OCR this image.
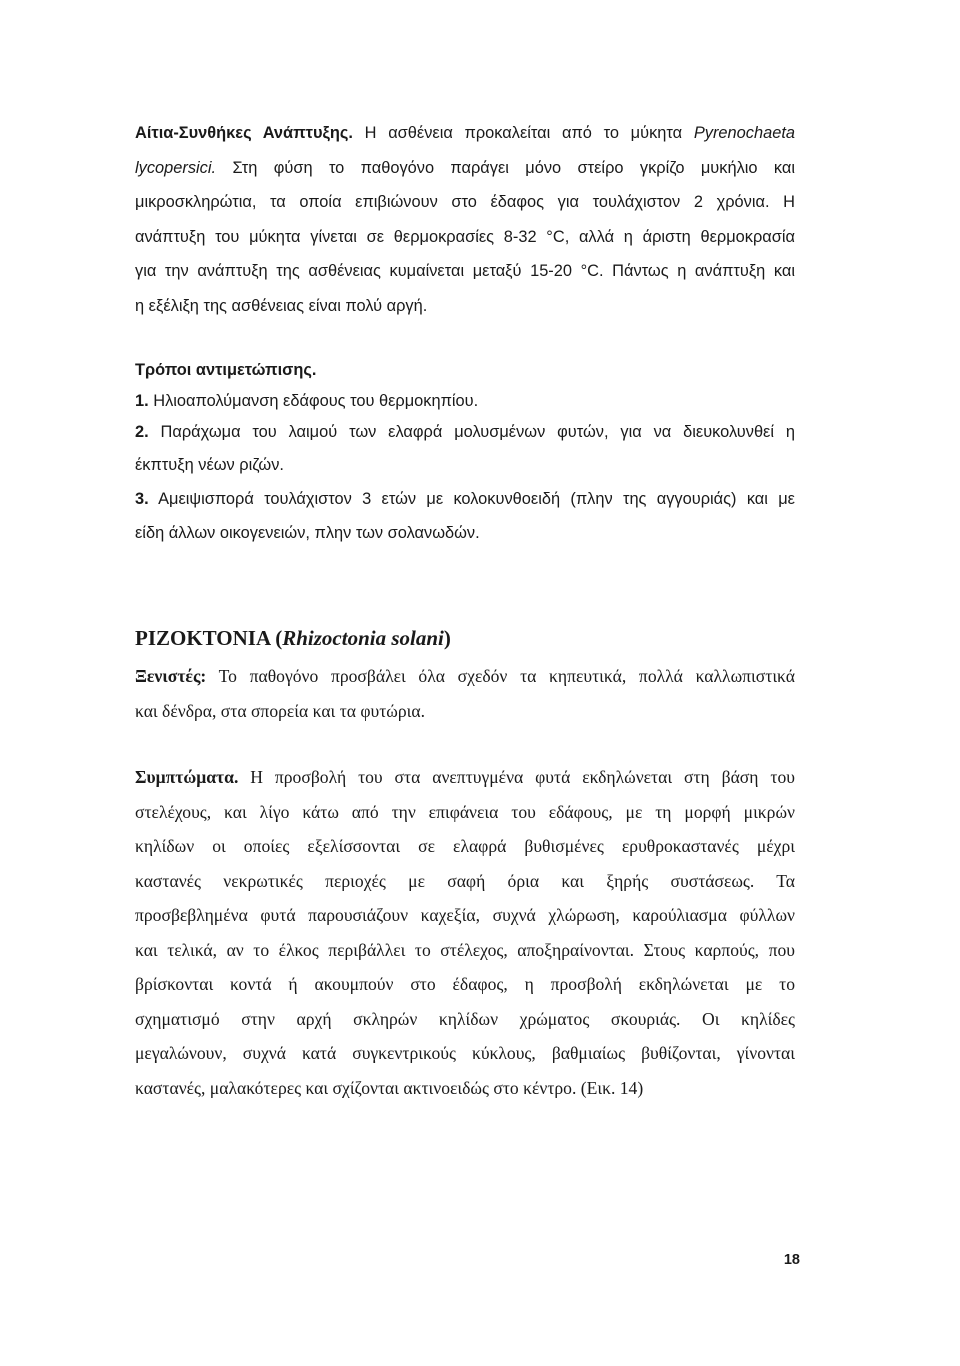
Αίτια-Συνθήκες Ανάπτυξης. Η ασθένεια προκαλείται από το μύκητα Pyrenochaeta
lycopersici. Στη φύση το παθογόνο παράγει μόνο στείρο γκρίζο μυκήλιο και
μικροσκληρώτια, τα οποία επιβιώνουν στο έδαφος για τουλάχιστον 2 χρόνια. Η
ανάπτυξη του μύκητα γίνεται σε θερμοκρασίες 8-32 °C, αλλά η άριστη θερμοκρασία
για την ανάπτυξη της ασθένειας κυμαίνεται μεταξύ 15-20 °C. Πάντως η ανάπτυξη και
η εξέλιξη της ασθένειας είναι πολύ αργή.
Τρόποι αντιμετώπισης.
1. Ηλιοαπολύμανση εδάφους του θερμοκηπίου.
2. Παράχωμα του λαιμού των ελαφρά μολυσμένων φυτών, για να διευκολυνθεί η
έκπτυξη νέων ριζών.
3. Αμειψισπορά τουλάχιστον 3 ετών με κολοκυνθοειδή (πλην της αγγουριάς) και με
είδη άλλων οικογενειών, πλην των σολανωδών.
ΡΙΖΟΚΤΟΝΙΑ (Rhizoctonia solani)
Ξενιστές: Το παθογόνο προσβάλει όλα σχεδόν τα κηπευτικά, πολλά καλλωπιστικά
και δένδρα, στα σπορεία και τα φυτώρια.
Συμπτώματα. Η προσβολή του στα ανεπτυγμένα φυτά εκδηλώνεται στη βάση του
στελέχους, και λίγο κάτω από την επιφάνεια του εδάφους, με τη μορφή μικρών
κηλίδων οι οποίες εξελίσσονται σε ελαφρά βυθισμένες ερυθροκαστανές μέχρι
καστανές νεκρωτικές περιοχές με σαφή όρια και ξηρής συστάσεως. Τα
προσβεβλημένα φυτά παρουσιάζουν καχεξία, συχνά χλώρωση, καρούλιασμα φύλλων
και τελικά, αν το έλκος περιβάλλει το στέλεχος, αποξηραίνονται. Στους καρπούς, που
βρίσκονται κοντά ή ακουμπούν στο έδαφος, η προσβολή εκδηλώνεται με το
σχηματισμό στην αρχή σκληρών κηλίδων χρώματος σκουριάς. Οι κηλίδες
μεγαλώνουν, συχνά κατά συγκεντρικούς κύκλους, βαθμιαίως βυθίζονται, γίνονται
καστανές, μαλακότερες και σχίζονται ακτινοειδώς στο κέντρο. (Εικ. 14)
18
